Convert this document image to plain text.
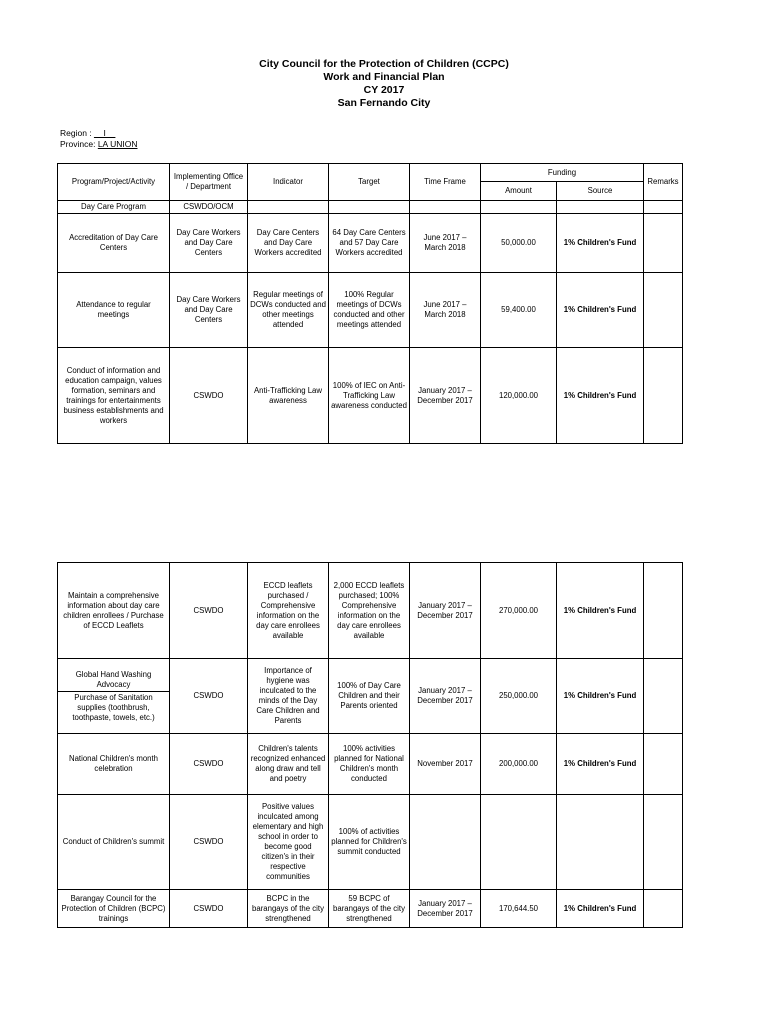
City Council for the Protection of Children (CCPC)
Work and Financial Plan
CY 2017
San Fernando City
Region : __I__
Province: LA UNION
Program/Project/Activity	Implementing Office / Department	Indicator	Target	Time Frame	Funding		Remarks
					Amount	Source	
Day Care Program	CSWDO/OCM						
Accreditation of Day Care Centers	Day Care Workers and Day Care Centers	Day Care Centers and Day Care Workers accredited	64 Day Care Centers and 57 Day Care Workers accredited	June 2017 – March 2018	50,000.00	1% Children's Fund	
Attendance to regular meetings	Day Care Workers and Day Care Centers	Regular meetings of DCWs conducted and other meetings attended	100% Regular meetings of DCWs conducted and other meetings attended	June 2017 – March 2018	59,400.00	1% Children's Fund	
Conduct of information and education campaign, values formation, seminars and trainings for entertainments business establishments and workers	CSWDO	Anti-Trafficking Law awareness	100% of IEC on Anti-Trafficking Law awareness conducted	January 2017 – December 2017	120,000.00	1% Children's Fund	
Maintain a comprehensive information about day care children enrollees / Purchase of ECCD Leaflets	CSWDO	ECCD leaflets purchased / Comprehensive information on the day care enrollees available	2,000 ECCD leaflets purchased; 100% Comprehensive information on the day care enrollees available	January 2017 – December 2017	270,000.00	1% Children's Fund	

Global Hand Washing Advocacy
Purchase of Sanitation supplies (toothbrush, toothpaste, towels, etc.)	CSWDO	Importance of hygiene was inculcated to the minds of the Day Care Children and Parents	100% of Day Care Children and their Parents oriented	January 2017 – December 2017	250,000.00	1% Children's Fund	
National Children's month celebration	CSWDO	Children's talents recognized enhanced along draw and tell and poetry	100% activities planned for National Children's month conducted	November 2017	200,000.00	1% Children's Fund	
Conduct of Children's summit	CSWDO	Positive values inculcated among elementary and high school in order to become good citizen's in their respective communities	100% of activities planned for Children's summit conducted				
Barangay Council for the Protection of Children (BCPC) trainings	CSWDO	BCPC in the barangays of the city strengthened	59 BCPC of barangays of the city strengthened	January 2017 – December 2017	170,644.50	1% Children's Fund	
